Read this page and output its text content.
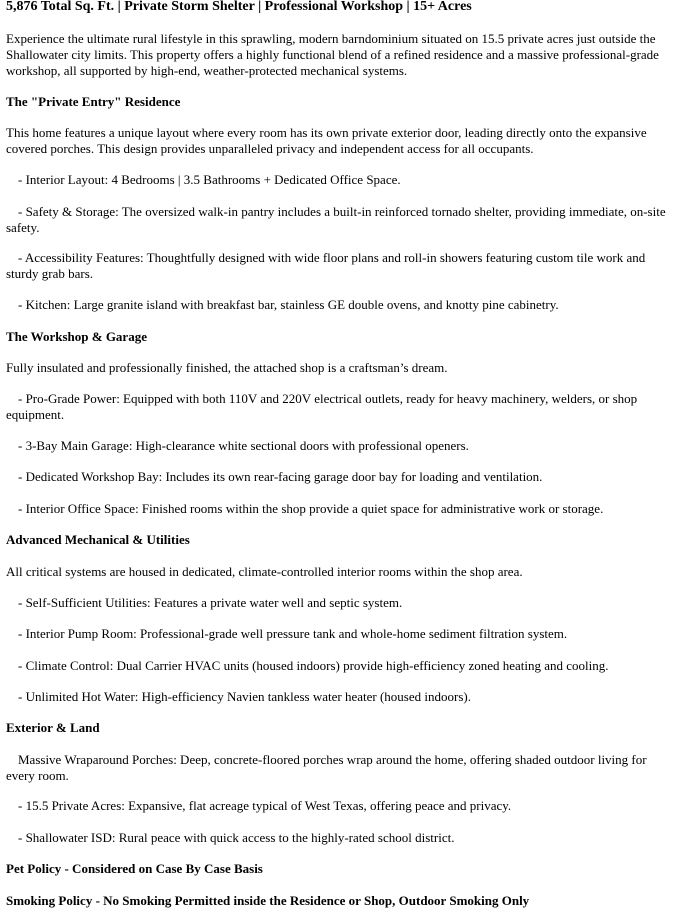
5,876 Total Sq. Ft. | Private Storm Shelter | Professional Workshop | 15+ Acres

Experience the ultimate rural lifestyle in this sprawling, modern barndominium situated on 15.5 private acres just outside the Shallowater city limits. This property offers a highly functional blend of a refined residence and a massive professional-grade workshop, all supported by high-end, weather-protected mechanical systems.

The "Private Entry" Residence

This home features a unique layout where every room has its own private exterior door, leading directly onto the expansive covered porches. This design provides unparalleled privacy and independent access for all occupants.

- Interior Layout: 4 Bedrooms | 3.5 Bathrooms + Dedicated Office Space.

- Safety & Storage: The oversized walk-in pantry includes a built-in reinforced tornado shelter, providing immediate, on-site safety.

- Accessibility Features: Thoughtfully designed with wide floor plans and roll-in showers featuring custom tile work and sturdy grab bars.

- Kitchen: Large granite island with breakfast bar, stainless GE double ovens, and knotty pine cabinetry.

The Workshop & Garage

Fully insulated and professionally finished, the attached shop is a craftsman’s dream.

- Pro-Grade Power: Equipped with both 110V and 220V electrical outlets, ready for heavy machinery, welders, or shop equipment.

- 3-Bay Main Garage: High-clearance white sectional doors with professional openers.

- Dedicated Workshop Bay: Includes its own rear-facing garage door bay for loading and ventilation.

- Interior Office Space: Finished rooms within the shop provide a quiet space for administrative work or storage.

Advanced Mechanical & Utilities

All critical systems are housed in dedicated, climate-controlled interior rooms within the shop area.

- Self-Sufficient Utilities: Features a private water well and septic system.

- Interior Pump Room: Professional-grade well pressure tank and whole-home sediment filtration system.

- Climate Control: Dual Carrier HVAC units (housed indoors) provide high-efficiency zoned heating and cooling.

- Unlimited Hot Water: High-efficiency Navien tankless water heater (housed indoors).

Exterior & Land

Massive Wraparound Porches: Deep, concrete-floored porches wrap around the home, offering shaded outdoor living for every room.

- 15.5 Private Acres: Expansive, flat acreage typical of West Texas, offering peace and privacy.

- Shallowater ISD: Rural peace with quick access to the highly-rated school district.

Pet Policy - Considered on Case By Case Basis

Smoking Policy - No Smoking Permitted inside the Residence or Shop, Outdoor Smoking Only
